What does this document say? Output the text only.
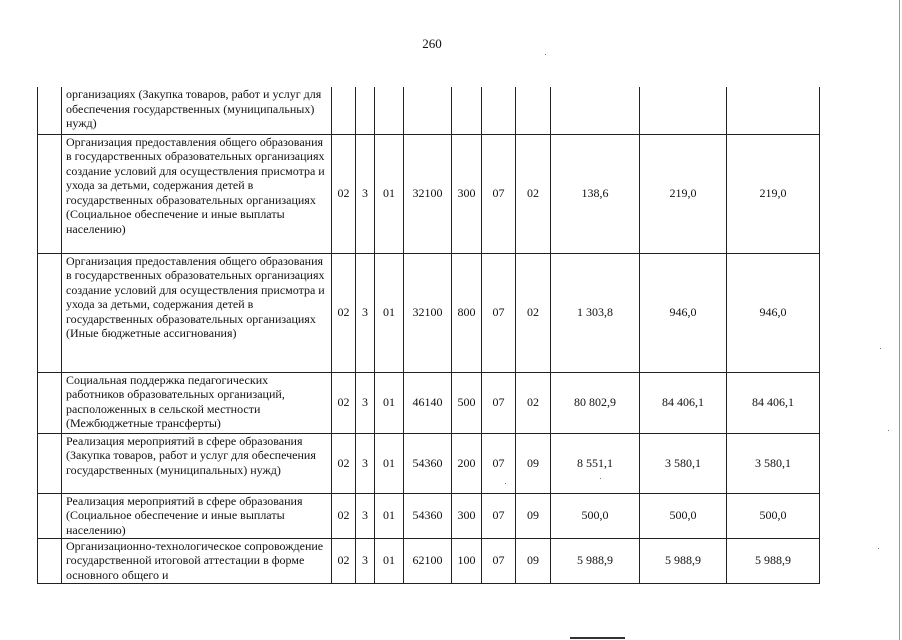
260
	организациях (Закупка товаров, работ и услуг для обеспечения государственных (муниципальных) нужд)										
	Организация предоставления общего образования в государственных образовательных организациях создание условий для осуществления присмотра и ухода за детьми, содержания детей в государственных образовательных организациях (Социальное обеспечение и иные выплаты населению)	02	3	01	32100	300	07	02	138,6	219,0	219,0
	Организация предоставления общего образования в государственных образовательных организациях создание условий для осуществления присмотра и ухода за детьми, содержания детей в государственных образовательных организациях (Иные бюджетные ассигнования)	02	3	01	32100	800	07	02	1 303,8	946,0	946,0
	Социальная поддержка педагогических работников образовательных организаций, расположенных в сельской местности (Межбюджетные трансферты)	02	3	01	46140	500	07	02	80 802,9	84 406,1	84 406,1
	Реализация мероприятий в сфере образования (Закупка товаров, работ и услуг для обеспечения государственных (муниципальных) нужд)	02	3	01	54360	200	07	09	8 551,1	3 580,1	3 580,1
	Реализация мероприятий в сфере образования (Социальное обеспечение и иные выплаты населению)	02	3	01	54360	300	07	09	500,0	500,0	500,0
	Организационно-технологическое сопровождение государственной итоговой аттестации в форме основного общего и	02	3	01	62100	100	07	09	5 988,9	5 988,9	5 988,9
